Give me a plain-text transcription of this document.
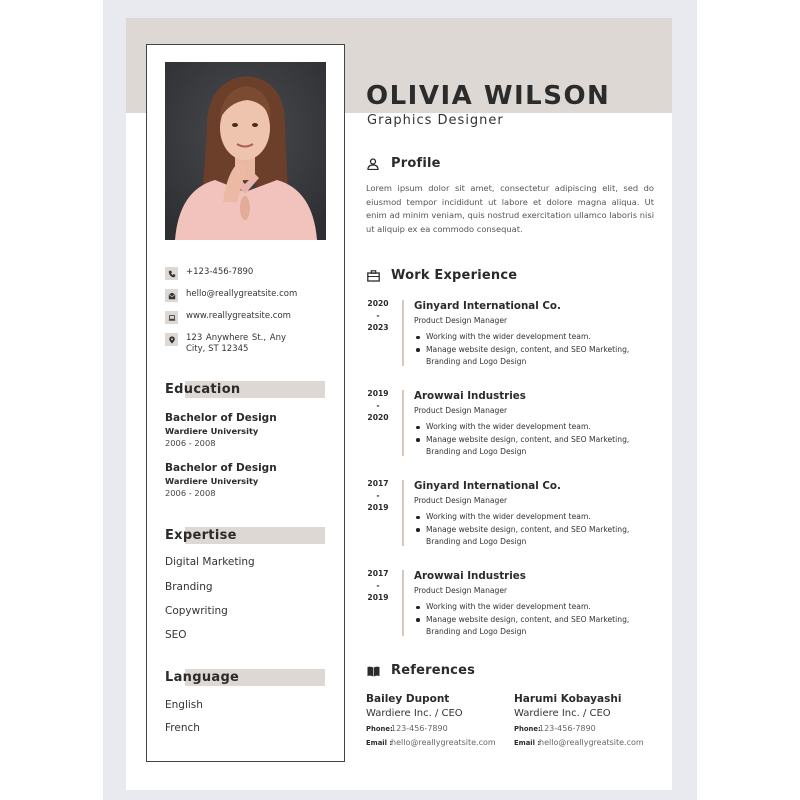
+123-456-7890
hello@reallygreatsite.com
www.reallygreatsite.com
123 Anywhere St., Any City, ST 12345
Education
Bachelor of Design
Wardiere University
2006 - 2008
Bachelor of Design
Wardiere University
2006 - 2008
Expertise
Digital Marketing
Branding
Copywriting
SEO
Language
English
French
OLIVIA WILSON
Graphics Designer
Profile
Lorem ipsum dolor sit amet, consectetur adipiscing elit, sed do eiusmod tempor incididunt ut labore et dolore magna aliqua. Ut enim ad minim veniam, quis nostrud exercitation ullamco laboris nisi ut aliquip ex ea commodo consequat.
Work Experience
2020
-
2023
Ginyard International Co.
Product Design Manager
Working with the wider development team.
Manage website design, content, and SEO Marketing, Branding and Logo Design
2019
-
2020
Arowwai Industries
Product Design Manager
Working with the wider development team.
Manage website design, content, and SEO Marketing, Branding and Logo Design
2017
-
2019
Ginyard International Co.
Product Design Manager
Working with the wider development team.
Manage website design, content, and SEO Marketing, Branding and Logo Design
2017
-
2019
Arowwai Industries
Product Design Manager
Working with the wider development team.
Manage website design, content, and SEO Marketing, Branding and Logo Design
References
Bailey Dupont
Wardiere Inc. / CEO
Phone:123-456-7890
Email :hello@reallygreatsite.com
Harumi Kobayashi
Wardiere Inc. / CEO
Phone:123-456-7890
Email :hello@reallygreatsite.com
